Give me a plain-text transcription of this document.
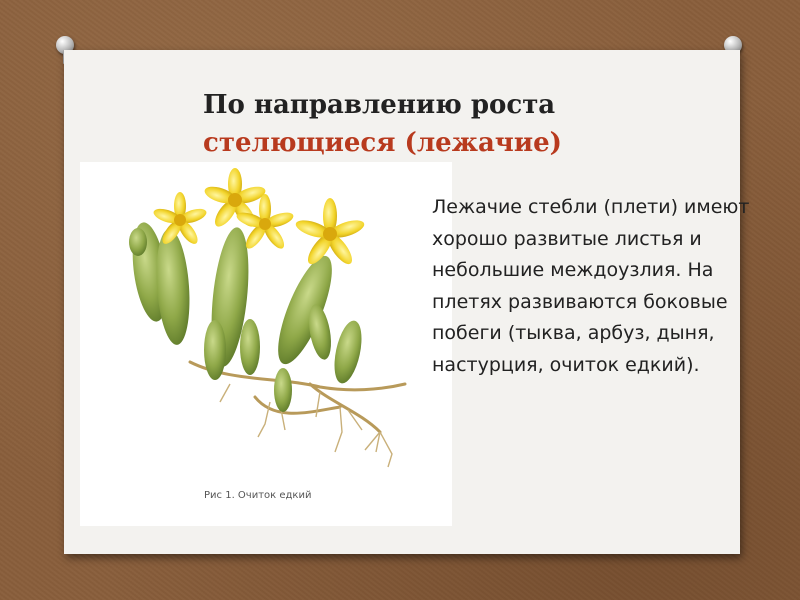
По направлению роста
стелющиеся (лежачие)
Рис 1. Очиток едкий
Лежачие стебли (плети) имеют хорошо развитые листья и небольшие междоузлия. На плетях развиваются боковые побеги (тыква, арбуз, дыня, настурция, очиток едкий).
